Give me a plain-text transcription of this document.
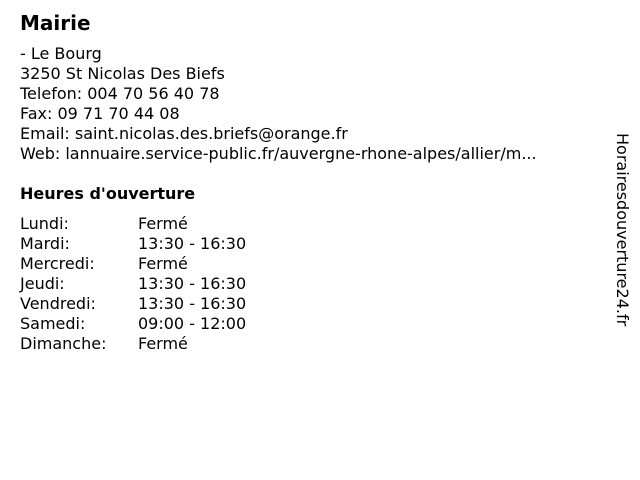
Mairie
- Le Bourg
3250 St Nicolas Des Biefs
Telefon: 004 70 56 40 78
Fax: 09 71 70 44 08
Email: saint.nicolas.des.briefs@orange.fr
Web: lannuaire.service-public.fr/auvergne-rhone-alpes/allier/m...
Heures d'ouverture
Lundi:	Fermé
Mardi:	13:30 - 16:30
Mercredi:	Fermé
Jeudi:	13:30 - 16:30
Vendredi:	13:30 - 16:30
Samedi:	09:00 - 12:00
Dimanche:	Fermé
Horairesdouverture24.fr
